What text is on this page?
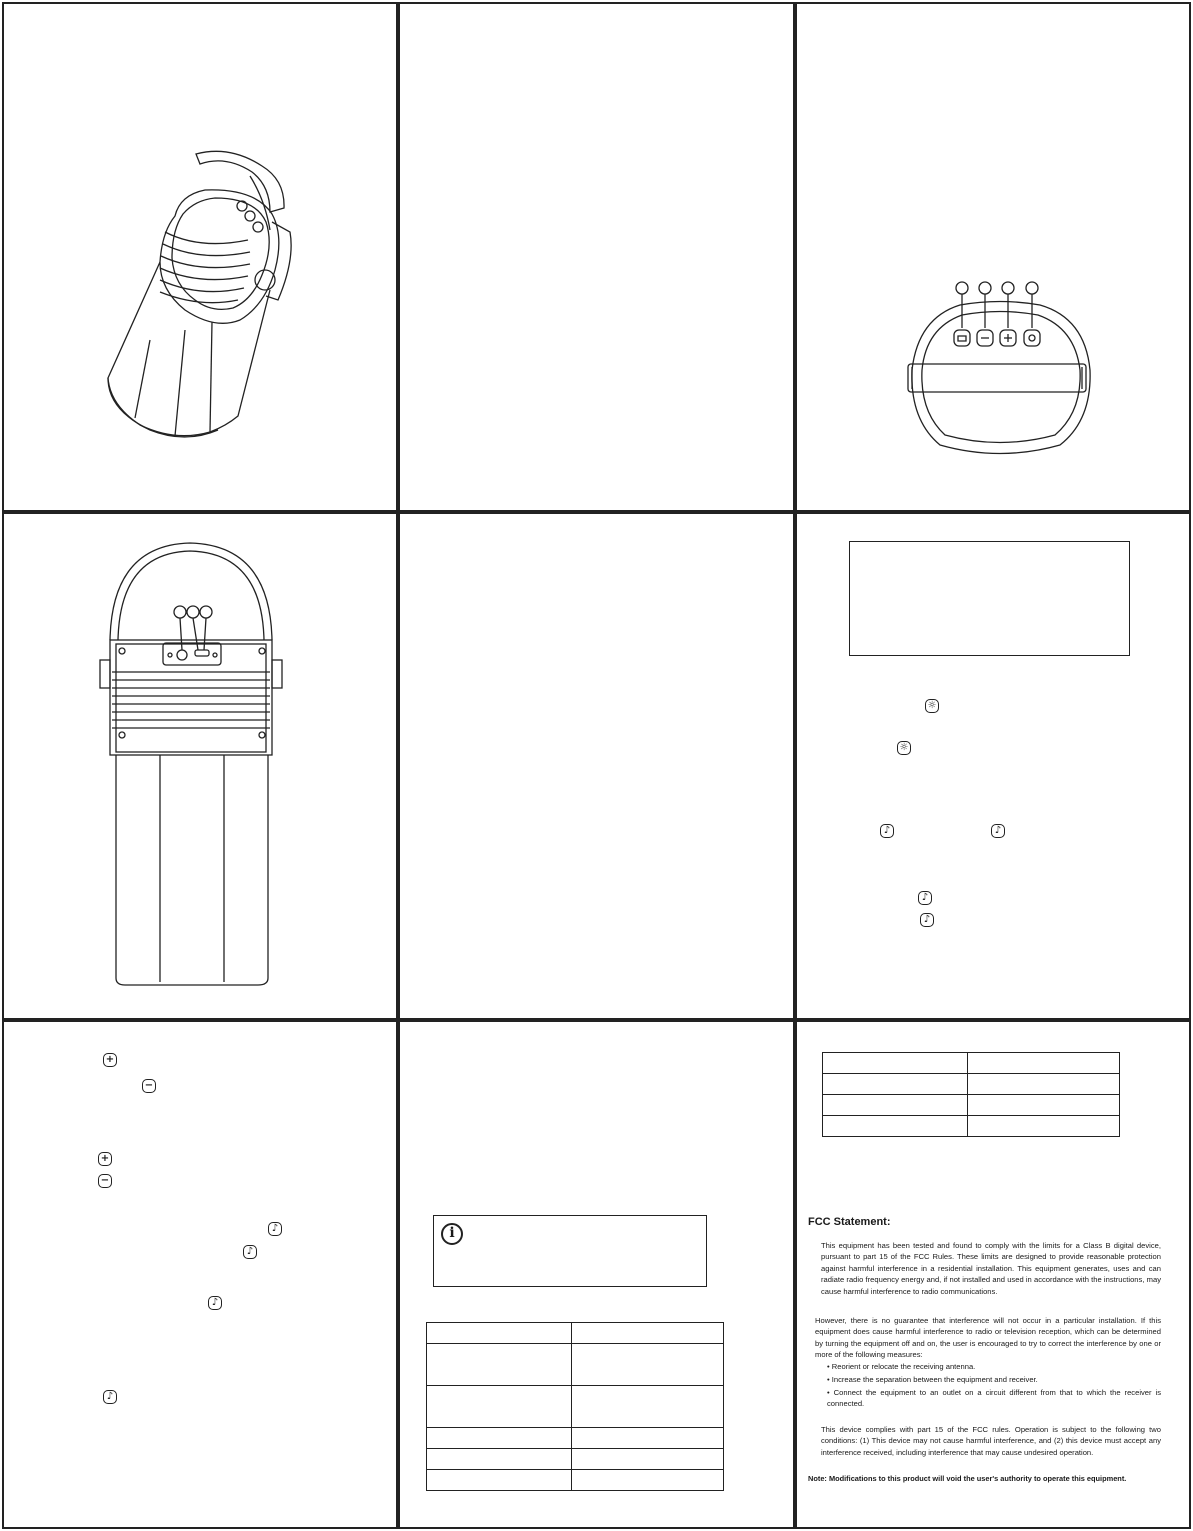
☼
☼
♪	♪
♪
♪
+
−
+
−
♪
♪
♪
♪
i

FCC Statement:

This equipment has been tested and found to comply with the limits for a Class B digital device, pursuant to part 15 of the FCC Rules. These limits are designed to provide reasonable protection against harmful interference in a residential installation. This equipment generates, uses and can radiate radio frequency energy and, if not installed and used in accordance with the instructions, may cause harmful interference to radio communications.

However, there is no guarantee that interference will not occur in a particular installation. If this equipment does cause harmful interference to radio or television reception, which can be determined by turning the equipment off and on, the user is encouraged to try to correct the interference by one or more of the following measures:

• Reorient or relocate the receiving antenna.

• Increase the separation between the equipment and receiver.

• Connect the equipment to an outlet on a circuit different from that to which the receiver is connected.

This device complies with part 15 of the FCC rules. Operation is subject to the following two conditions: (1) This device may not cause harmful interference, and (2) this device must accept any interference received, including interference that may cause undesired operation.

Note: Modifications to this product will void the user's authority to operate this equipment.
